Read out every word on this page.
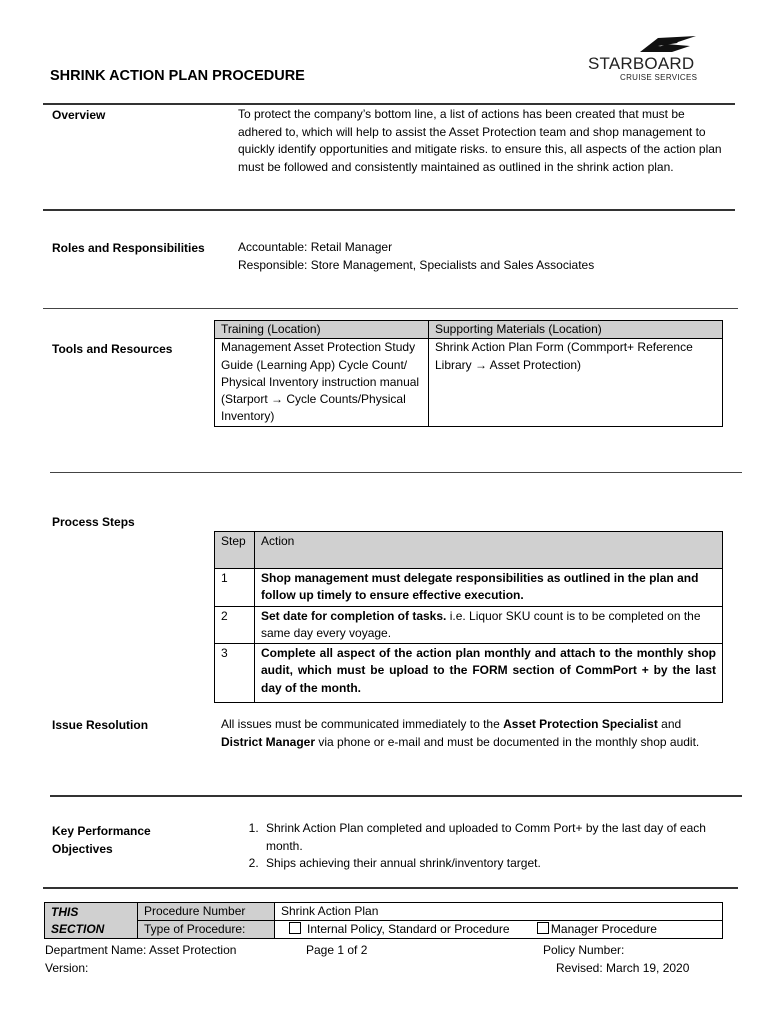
SHRINK ACTION PLAN PROCEDURE
STARBOARD
CRUISE SERVICES
Overview	To protect the company’s bottom line, a list of actions has been created that must be adhered to, which will help to assist the Asset Protection team and shop management to quickly identify opportunities and mitigate risks. to ensure this, all aspects of the action plan must be followed and consistently maintained as outlined in the shrink action plan.
Roles and Responsibilities	Accountable: Retail Manager
Responsible: Store Management, Specialists and Sales Associates
Tools and Resources
Training (Location)	Supporting Materials (Location)
Management Asset Protection Study Guide (Learning App) Cycle Count/ Physical Inventory instruction manual (Starport → Cycle Counts/Physical Inventory)	Shrink Action Plan Form (Commport+ Reference Library → Asset Protection)
Process Steps
Step	Action
1	Shop management must delegate responsibilities as outlined in the plan and follow up timely to ensure effective execution.
2	Set date for completion of tasks. i.e. Liquor SKU count is to be completed on the same day every voyage.
3	Complete all aspect of the action plan monthly and attach to the monthly shop audit, which must be upload to the FORM section of CommPort + by the last day of the month.
Issue Resolution	All issues must be communicated immediately to the Asset Protection Specialist and District Manager via phone or e-mail and must be documented in the monthly shop audit.
Key Performance
Objectives
1. Shrink Action Plan completed and uploaded to Comm Port+ by the last day of each month.
2. Ships achieving their annual shrink/inventory target.
THIS SECTION	Procedure Number	Shrink Action Plan
	Type of Procedure:	Internal Policy, Standard or Procedure Manager Procedure
Department Name: Asset Protection
Version:
Page 1 of 2	Policy Number:
Revised: March 19, 2020
